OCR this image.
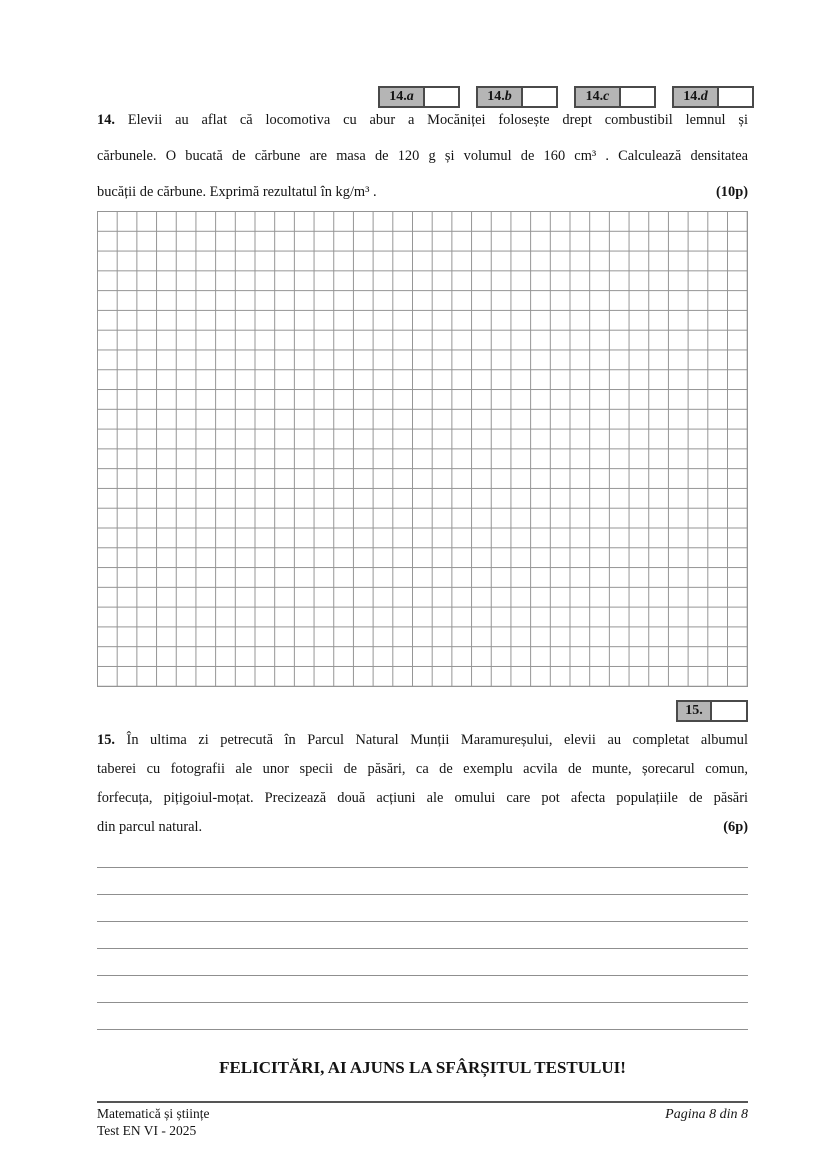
14. a	14. b	14. c	14. d
14. Elevii au aflat că locomotiva cu abur a Mocăniței folosește drept combustibil lemnul și
cărbunele. O bucată de cărbune are masa de 120 g și volumul de 160 cm³ . Calculează densitatea
bucății de cărbune. Exprimă rezultatul în kg/m³ .	(10p)
15.
15. În ultima zi petrecută în Parcul Natural Munții Maramureșului, elevii au completat albumul
taberei cu fotografii ale unor specii de păsări, ca de exemplu acvila de munte, șorecarul comun,
forfecuța, pițigoiul-moțat. Precizează două acțiuni ale omului care pot afecta populațiile de păsări
din parcul natural.	(6p)
FELICITĂRI, AI AJUNS LA SFÂRȘITUL TESTULUI!
Matematică și științe
Test EN VI - 2025
Pagina 8 din 8
